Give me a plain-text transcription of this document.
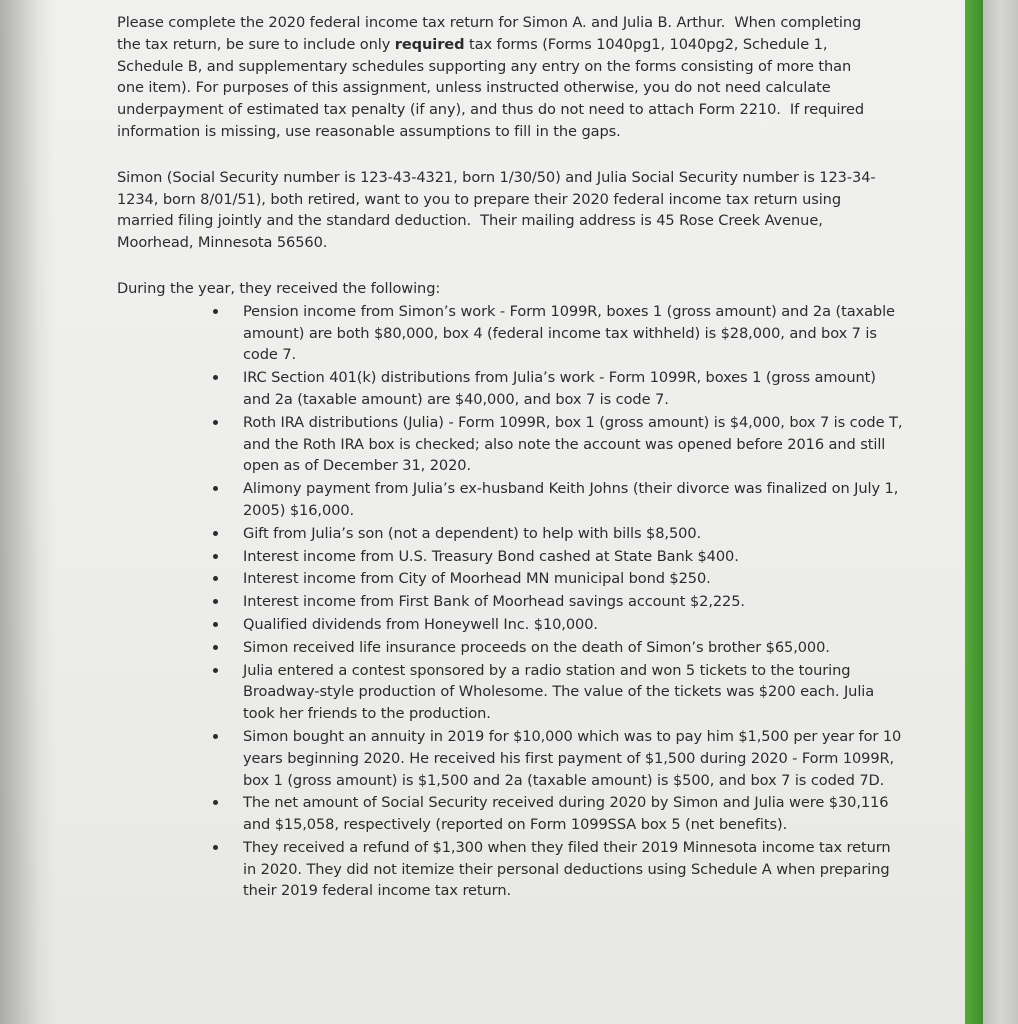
Please complete the 2020 federal income tax return for Simon A. and Julia B. Arthur.  When completing
the tax return, be sure to include only required tax forms (Forms 1040pg1, 1040pg2, Schedule 1,
Schedule B, and supplementary schedules supporting any entry on the forms consisting of more than
one item). For purposes of this assignment, unless instructed otherwise, you do not need calculate
underpayment of estimated tax penalty (if any), and thus do not need to attach Form 2210.  If required
information is missing, use reasonable assumptions to fill in the gaps.

Simon (Social Security number is 123-43-4321, born 1/30/50) and Julia Social Security number is 123-34-
1234, born 8/01/51), both retired, want to you to prepare their 2020 federal income tax return using
married filing jointly and the standard deduction.  Their mailing address is 45 Rose Creek Avenue,
Moorhead, Minnesota 56560.

During the year, they received the following:

Pension income from Simon’s work - Form 1099R, boxes 1 (gross amount) and 2a (taxable amount) are both $80,000, box 4 (federal income tax withheld) is $28,000, and box 7 is code 7.
IRC Section 401(k) distributions from Julia’s work - Form 1099R, boxes 1 (gross amount) and 2a (taxable amount) are $40,000, and box 7 is code 7.
Roth IRA distributions (Julia) - Form 1099R, box 1 (gross amount) is $4,000, box 7 is code T, and the Roth IRA box is checked; also note the account was opened before 2016 and still open as of December 31, 2020.
Alimony payment from Julia’s ex-husband Keith Johns (their divorce was finalized on July 1, 2005) $16,000.
Gift from Julia’s son (not a dependent) to help with bills $8,500.
Interest income from U.S. Treasury Bond cashed at State Bank $400.
Interest income from City of Moorhead MN municipal bond $250.
Interest income from First Bank of Moorhead savings account $2,225.
Qualified dividends from Honeywell Inc. $10,000.
Simon received life insurance proceeds on the death of Simon’s brother $65,000.
Julia entered a contest sponsored by a radio station and won 5 tickets to the touring Broadway-style production of Wholesome. The value of the tickets was $200 each. Julia took her friends to the production.
Simon bought an annuity in 2019 for $10,000 which was to pay him $1,500 per year for 10 years beginning 2020. He received his first payment of $1,500 during 2020 - Form 1099R, box 1 (gross amount) is $1,500 and 2a (taxable amount) is $500, and box 7 is coded 7D.
The net amount of Social Security received during 2020 by Simon and Julia were $30,116 and $15,058, respectively (reported on Form 1099SSA box 5 (net benefits).
They received a refund of $1,300 when they filed their 2019 Minnesota income tax return in 2020. They did not itemize their personal deductions using Schedule A when preparing their 2019 federal income tax return.
